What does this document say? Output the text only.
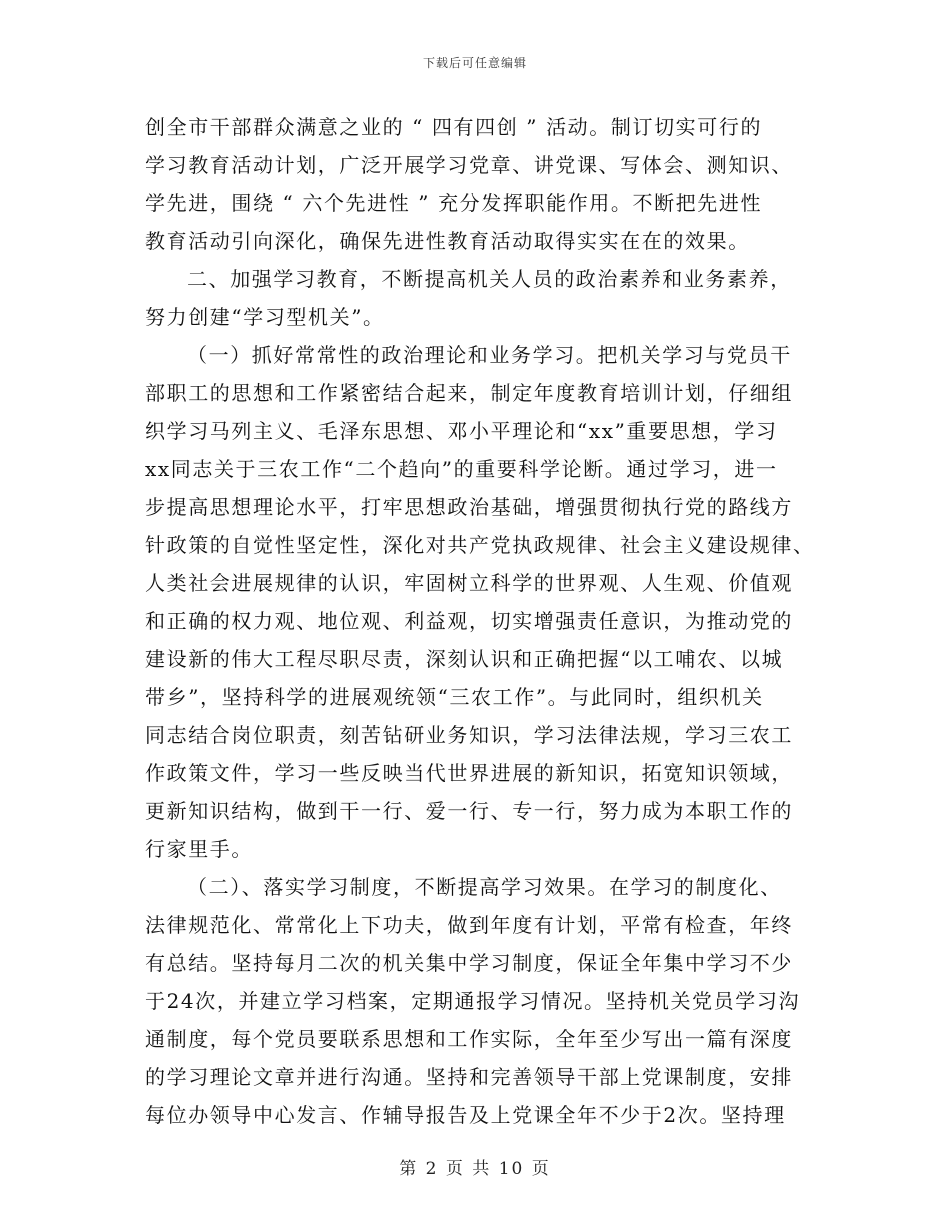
下载后可任意编辑
创全市干部群众满意之业的 “ 四有四创 ” 活动。制订切实可行的
学习教育活动计划，广泛开展学习党章、讲党课、写体会、测知识、
学先进，围绕 “ 六个先进性 ” 充分发挥职能作用。不断把先进性
教育活动引向深化，确保先进性教育活动取得实实在在的效果。
二、加强学习教育，不断提高机关人员的政治素养和业务素养，
努力创建“学习型机关”。
（一）抓好常常性的政治理论和业务学习。把机关学习与党员干
部职工的思想和工作紧密结合起来，制定年度教育培训计划，仔细组
织学习马列主义、毛泽东思想、邓小平理论和“xx”重要思想，学习
xx同志关于三农工作“二个趋向”的重要科学论断。通过学习，进一
步提高思想理论水平，打牢思想政治基础，增强贯彻执行党的路线方
针政策的自觉性坚定性，深化对共产党执政规律、社会主义建设规律、
人类社会进展规律的认识，牢固树立科学的世界观、人生观、价值观
和正确的权力观、地位观、利益观，切实增强责任意识，为推动党的
建设新的伟大工程尽职尽责，深刻认识和正确把握“以工哺农、以城
带乡”，坚持科学的进展观统领“三农工作”。与此同时，组织机关
同志结合岗位职责，刻苦钻研业务知识，学习法律法规，学习三农工
作政策文件，学习一些反映当代世界进展的新知识，拓宽知识领域，
更新知识结构，做到干一行、爱一行、专一行，努力成为本职工作的
行家里手。
（二）、落实学习制度，不断提高学习效果。在学习的制度化、
法律规范化、常常化上下功夫，做到年度有计划，平常有检查，年终
有总结。坚持每月二次的机关集中学习制度，保证全年集中学习不少
于24次，并建立学习档案，定期通报学习情况。坚持机关党员学习沟
通制度，每个党员要联系思想和工作实际，全年至少写出一篇有深度
的学习理论文章并进行沟通。坚持和完善领导干部上党课制度，安排
每位办领导中心发言、作辅导报告及上党课全年不少于2次。坚持理
第 2 页 共 10 页
